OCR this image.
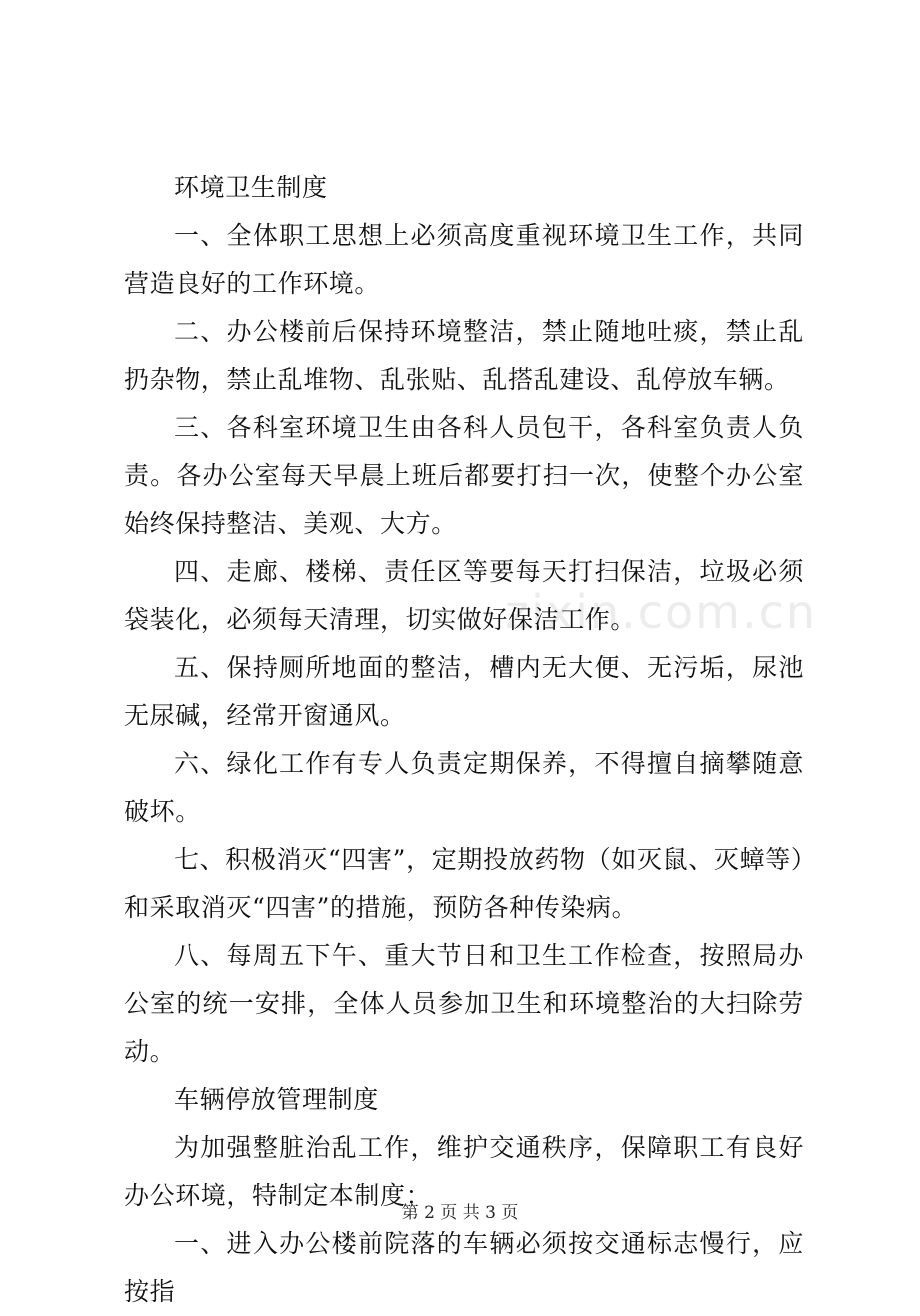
zixin.com.cn

环境卫生制度

一、全体职工思想上必须高度重视环境卫生工作，共同营造良好的工作环境。

二、办公楼前后保持环境整洁，禁止随地吐痰，禁止乱扔杂物，禁止乱堆物、乱张贴、乱搭乱建设、乱停放车辆。

三、各科室环境卫生由各科人员包干，各科室负责人负责。各办公室每天早晨上班后都要打扫一次，使整个办公室始终保持整洁、美观、大方。

四、走廊、楼梯、责任区等要每天打扫保洁，垃圾必须袋装化，必须每天清理，切实做好保洁工作。

五、保持厕所地面的整洁，槽内无大便、无污垢，尿池无尿碱，经常开窗通风。

六、绿化工作有专人负责定期保养，不得擅自摘攀随意破坏。

七、积极消灭“四害”，定期投放药物（如灭鼠、灭蟑等）和采取消灭“四害”的措施，预防各种传染病。

八、每周五下午、重大节日和卫生工作检查，按照局办公室的统一安排，全体人员参加卫生和环境整治的大扫除劳动。

车辆停放管理制度

为加强整脏治乱工作，维护交通秩序，保障职工有良好办公环境，特制定本制度：

一、进入办公楼前院落的车辆必须按交通标志慢行，应按指

第 2 页 共 3 页
